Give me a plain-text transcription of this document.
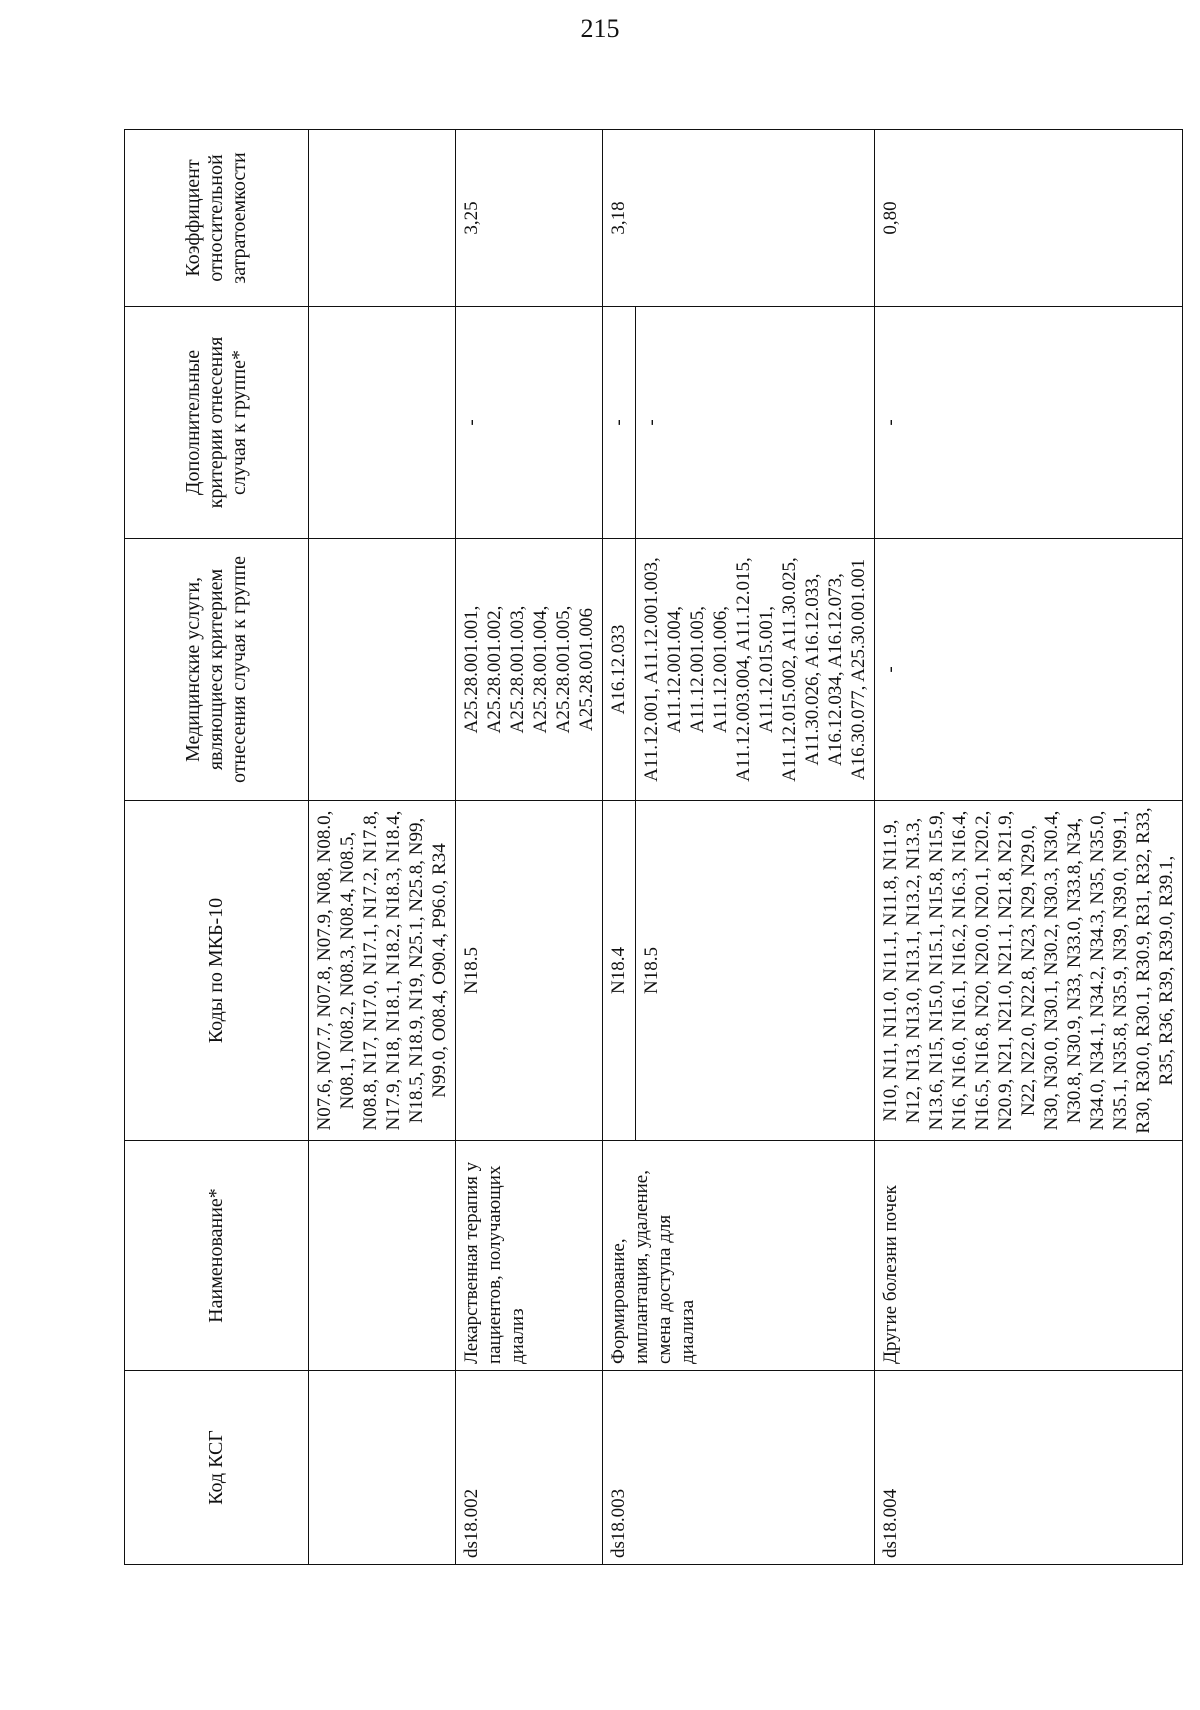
215
Код КСГ	Наименование*	Коды по МКБ-10	Медицинские услуги, являющиеся критерием отнесения случая к группе	Дополнительные критерии отнесения случая к группе*	Коэффициент относительной затратоемкости
		N07.6, N07.7, N07.8, N07.9, N08, N08.0, N08.1, N08.2, N08.3, N08.4, N08.5, N08.8, N17, N17.0, N17.1, N17.2, N17.8, N17.9, N18, N18.1, N18.2, N18.3, N18.4, N18.5, N18.9, N19, N25.1, N25.8, N99, N99.0, O08.4, O90.4, P96.0, R34			
ds18.002	Лекарственная терапия у пациентов, получающих диализ	N18.5	A25.28.001.001, A25.28.001.002, A25.28.001.003, A25.28.001.004, A25.28.001.005, A25.28.001.006	-	3,25
ds18.003	Формирование, имплантация, удаление, смена доступа для диализа	N18.4	A16.12.033	-	3,18
		N18.5	A11.12.001, A11.12.001.003, A11.12.001.004, A11.12.001.005, A11.12.001.006, A11.12.003.004, A11.12.015, A11.12.015.001, A11.12.015.002, A11.30.025, A11.30.026, A16.12.033, A16.12.034, A16.12.073, A16.30.077, A25.30.001.001	-	
ds18.004	Другие болезни почек	N10, N11, N11.0, N11.1, N11.8, N11.9, N12, N13, N13.0, N13.1, N13.2, N13.3, N13.6, N15, N15.0, N15.1, N15.8, N15.9, N16, N16.0, N16.1, N16.2, N16.3, N16.4, N16.5, N16.8, N20, N20.0, N20.1, N20.2, N20.9, N21, N21.0, N21.1, N21.8, N21.9, N22, N22.0, N22.8, N23, N29, N29.0, N30, N30.0, N30.1, N30.2, N30.3, N30.4, N30.8, N30.9, N33, N33.0, N33.8, N34, N34.0, N34.1, N34.2, N34.3, N35, N35.0, N35.1, N35.8, N35.9, N39, N39.0, N99.1, R30, R30.0, R30.1, R30.9, R31, R32, R33, R35, R36, R39, R39.0, R39.1,	-	-	0,80
